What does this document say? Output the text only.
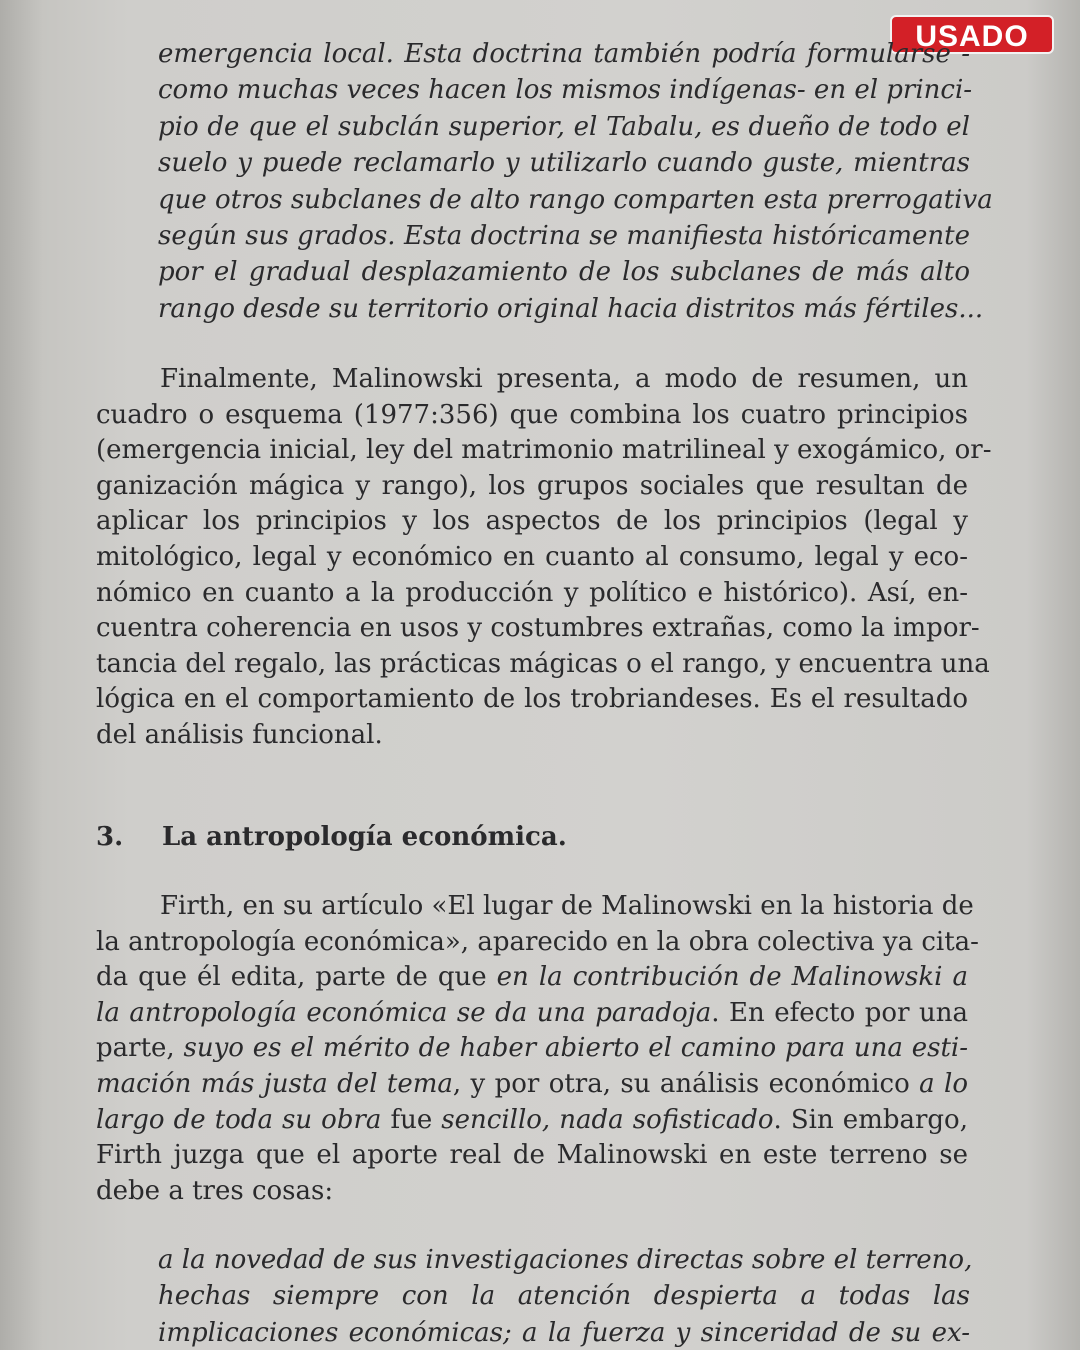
USADO
emergencia local. Esta doctrina también podría formularse -
como muchas veces hacen los mismos indígenas- en el princi-
pio de que el subclán superior, el Tabalu, es dueño de todo el
suelo y puede reclamarlo y utilizarlo cuando guste, mientras
que otros subclanes de alto rango comparten esta prerrogativa
según sus grados. Esta doctrina se manifiesta históricamente
por el gradual desplazamiento de los subclanes de más alto
rango desde su territorio original hacia distritos más fértiles...
Finalmente, Malinowski presenta, a modo de resumen, un
cuadro o esquema (1977:356) que combina los cuatro principios
(emergencia inicial, ley del matrimonio matrilineal y exogámico, or-
ganización mágica y rango), los grupos sociales que resultan de
aplicar los principios y los aspectos de los principios (legal y
mitológico, legal y económico en cuanto al consumo, legal y eco-
nómico en cuanto a la producción y político e histórico). Así, en-
cuentra coherencia en usos y costumbres extrañas, como la impor-
tancia del regalo, las prácticas mágicas o el rango, y encuentra una
lógica en el comportamiento de los trobriandeses. Es el resultado
del análisis funcional.
3. La antropología económica.
Firth, en su artículo «El lugar de Malinowski en la historia de
la antropología económica», aparecido en la obra colectiva ya cita-
da que él edita, parte de que en la contribución de Malinowski a
la antropología económica se da una paradoja. En efecto por una
parte, suyo es el mérito de haber abierto el camino para una esti-
mación más justa del tema, y por otra, su análisis económico a lo
largo de toda su obra fue sencillo, nada sofisticado. Sin embargo,
Firth juzga que el aporte real de Malinowski en este terreno se
debe a tres cosas:
a la novedad de sus investigaciones directas sobre el terreno,
hechas siempre con la atención despierta a todas las
implicaciones económicas; a la fuerza y sinceridad de su ex-
